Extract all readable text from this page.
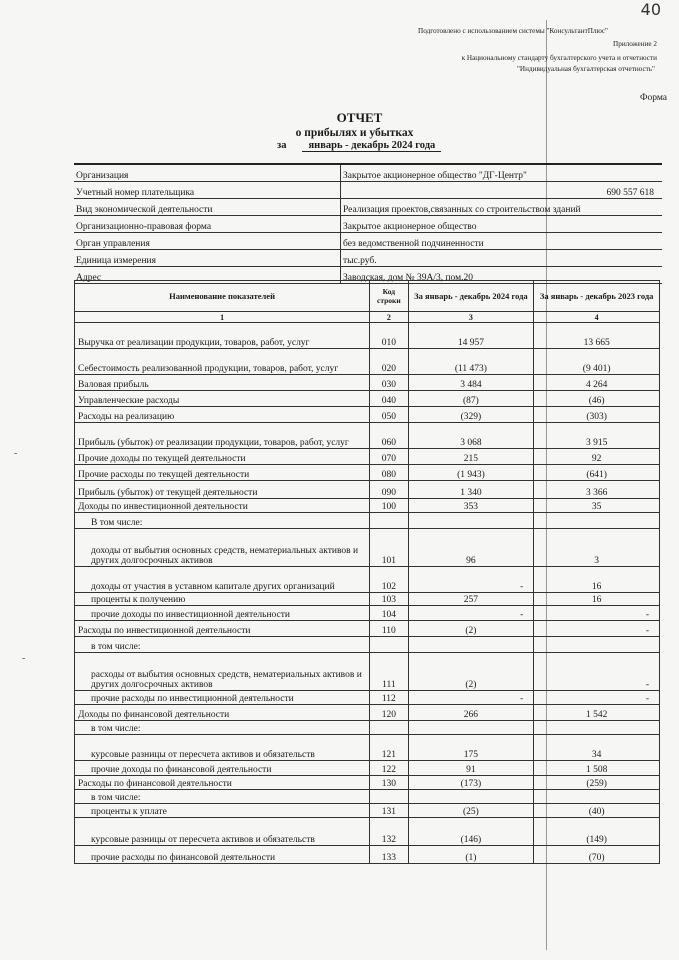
40
Подготовлено с использованием системы "КонсультантПлюс"
Приложение 2
к Национальному стандарту бухгалтерского учета и отчетности
"Индивидуальная бухгалтерская отчетность"
Форма
ОТЧЕТ
о прибылях и убытках
за январь - декабрь 2024 года
Организация	Закрытое акционерное общество "ДГ-Центр"
Учетный номер плательщика	690 557 618
Вид экономической деятельности	Реализация проектов,связанных со строительством зданий
Организационно-правовая форма	Закрытое акционерное общество
Орган управления	без ведомственной подчиненности
Единица измерения	тыс.руб.
Адрес	Заводская, дом № 39А/3, пом.20
Наименование показателей	Код строки	За январь - декабрь 2024 года	За январь - декабрь 2023 года
1	2	3	4
Выручка от реализации продукции, товаров, работ, услуг	010	14 957	13 665
Себестоимость реализованной продукции, товаров, работ, услуг	020	(11 473)	(9 401)
Валовая прибыль	030	3 484	4 264
Управленческие расходы	040	(87)	(46)
Расходы на реализацию	050	(329)	(303)
Прибыль (убыток) от реализации продукции, товаров, работ, услуг	060	3 068	3 915
Прочие доходы по текущей деятельности	070	215	92
Прочие расходы по текущей деятельности	080	(1 943)	(641)
Прибыль (убыток) от текущей деятельности	090	1 340	3 366
Доходы по инвестиционной деятельности	100	353	35
В том числе:			
доходы от выбытия основных средств, нематериальных активов и других долгосрочных активов	101	96	3
доходы от участия в уставном капитале других организаций	102	-	16
проценты к получению	103	257	16
прочие доходы по инвестиционной деятельности	104	-	-
Расходы по инвестиционной деятельности	110	(2)	-
в том числе:			
расходы от выбытия основных средств, нематериальных активов и других долгосрочных активов	111	(2)	-
прочие расходы по инвестиционной деятельности	112	-	-
Доходы по финансовой деятельности	120	266	1 542
в том числе:			
курсовые разницы от пересчета активов и обязательств	121	175	34
прочие доходы по финансовой деятельности	122	91	1 508
Расходы по финансовой деятельности	130	(173)	(259)
в том числе:			
проценты к уплате	131	(25)	(40)
курсовые разницы от пересчета активов и обязательств	132	(146)	(149)
прочие расходы по финансовой деятельности	133	(1)	(70)
-
-
